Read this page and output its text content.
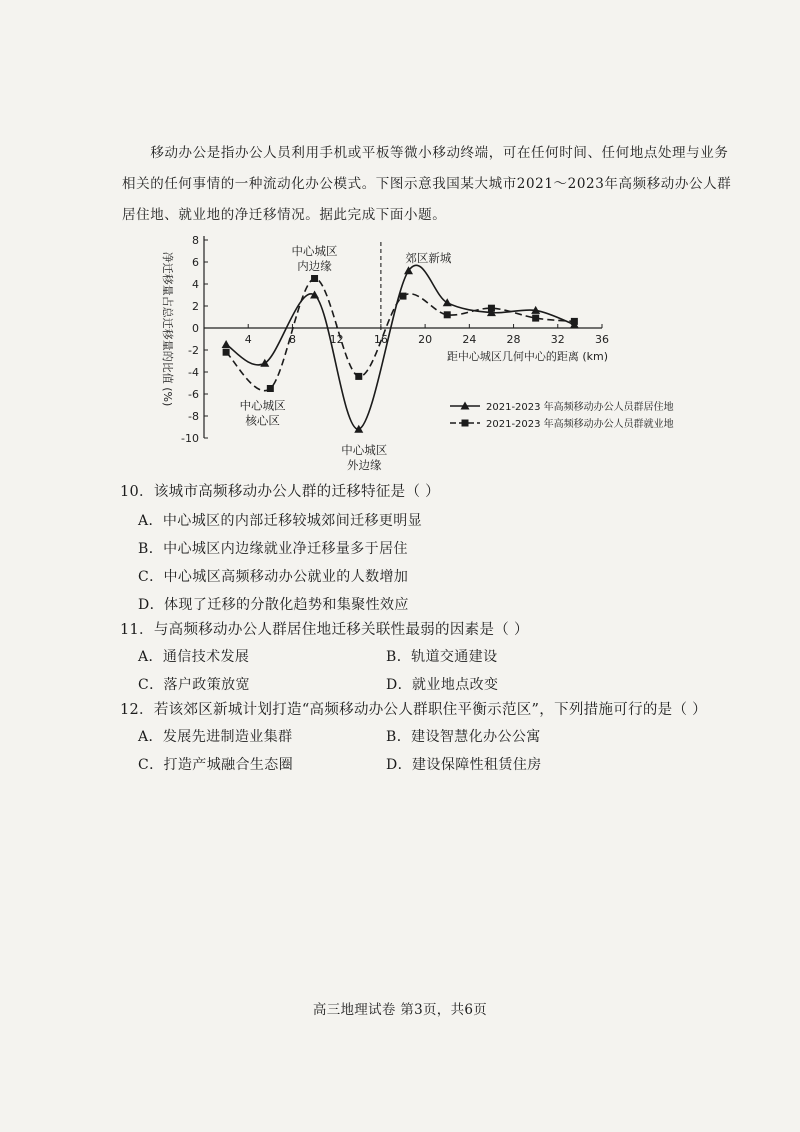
移动办公是指办公人员利用手机或平板等微小移动终端，可在任何时间、任何地点处理与业务相关的任何事情的一种流动化办公模式。下图示意我国某大城市2021～2023年高频移动办公人群居住地、就业地的净迁移情况。据此完成下面小题。

8
6
4
2
0
-2
-4
-6
-8
-10
4	8	12	16	20	24	28	32	36
净迁移量占总迁移量的比值 (%)	距中心城区几何中心的距离 (km)
中心城区
内边缘
中心城区
核心区
中心城区
外边缘
郊区新城
2021-2023 年高频移动办公人员群居住地
2021-2023 年高频移动办公人员群就业地
10．该城市高频移动办公人群的迁移特征是（ ）
A．中心城区的内部迁移较城郊间迁移更明显
B．中心城区内边缘就业净迁移量多于居住
C．中心城区高频移动办公就业的人数增加
D．体现了迁移的分散化趋势和集聚性效应
11．与高频移动办公人群居住地迁移关联性最弱的因素是（ ）
A．通信技术发展	B．轨道交通建设
C．落户政策放宽	D．就业地点改变
12．若该郊区新城计划打造“高频移动办公人群职住平衡示范区”，下列措施可行的是（ ）
A．发展先进制造业集群	B．建设智慧化办公公寓
C．打造产城融合生态圈	D．建设保障性租赁住房
高三地理试卷 第3页，共6页
